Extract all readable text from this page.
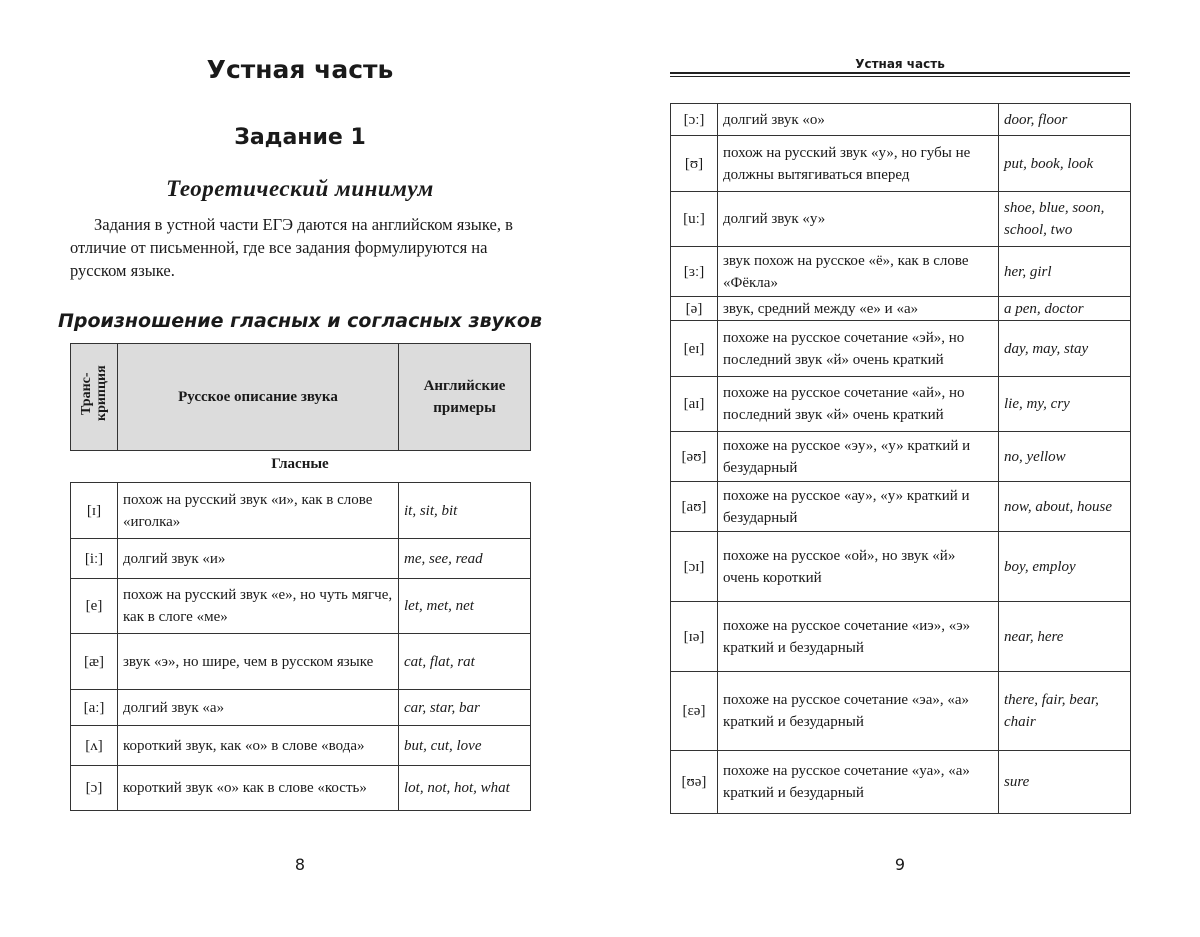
Устная часть
Задание 1
Теоретический минимум

Задания в устной части ЕГЭ даются на английском языке, в отличие от письменной, где все задания формулируются на русском языке.

Произношение гласных и согласных звуков
Транс- крипция	Русское описание звука	Английские примеры
Гласные
[ɪ]	похож на русский звук «и», как в слове «иголка»	it, sit, bit
[iː]	долгий звук «и»	me, see, read
[e]	похож на русский звук «е», но чуть мягче, как в слоге «ме»	let, met, net
[æ]	звук «э», но шире, чем в русском языке	cat, flat, rat
[aː]	долгий звук «а»	car, star, bar
[ʌ]	короткий звук, как «о» в слове «вода»	but, cut, love
[ɔ]	короткий звук «о» как в слове «кость»	lot, not, hot, what
8
Устная часть
[ɔː]	долгий звук «о»	door, floor
[ʊ]	похож на русский звук «у», но губы не должны вытягиваться вперед	put, book, look
[uː]	долгий звук «у»	shoe, blue, soon, school, two
[ɜː]	звук похож на русское «ё», как в слове «Фёкла»	her, girl
[ə]	звук, средний между «е» и «а»	a pen, doctor
[eɪ]	похоже на русское сочетание «эй», но последний звук «й» очень краткий	day, may, stay
[aɪ]	похоже на русское сочетание «ай», но последний звук «й» очень краткий	lie, my, cry
[əʊ]	похоже на русское «эу», «у» краткий и безударный	no, yellow
[aʊ]	похоже на русское «ау», «у» краткий и безударный	now, about, house
[ɔɪ]	похоже на русское «ой», но звук «й» очень короткий	boy, employ
[ɪə]	похоже на русское сочетание «иэ», «э» краткий и безударный	near, here
[ɛə]	похоже на русское сочетание «эа», «а» краткий и безударный	there, fair, bear, chair
[ʊə]	похоже на русское сочетание «уа», «а» краткий и безударный	sure
9
